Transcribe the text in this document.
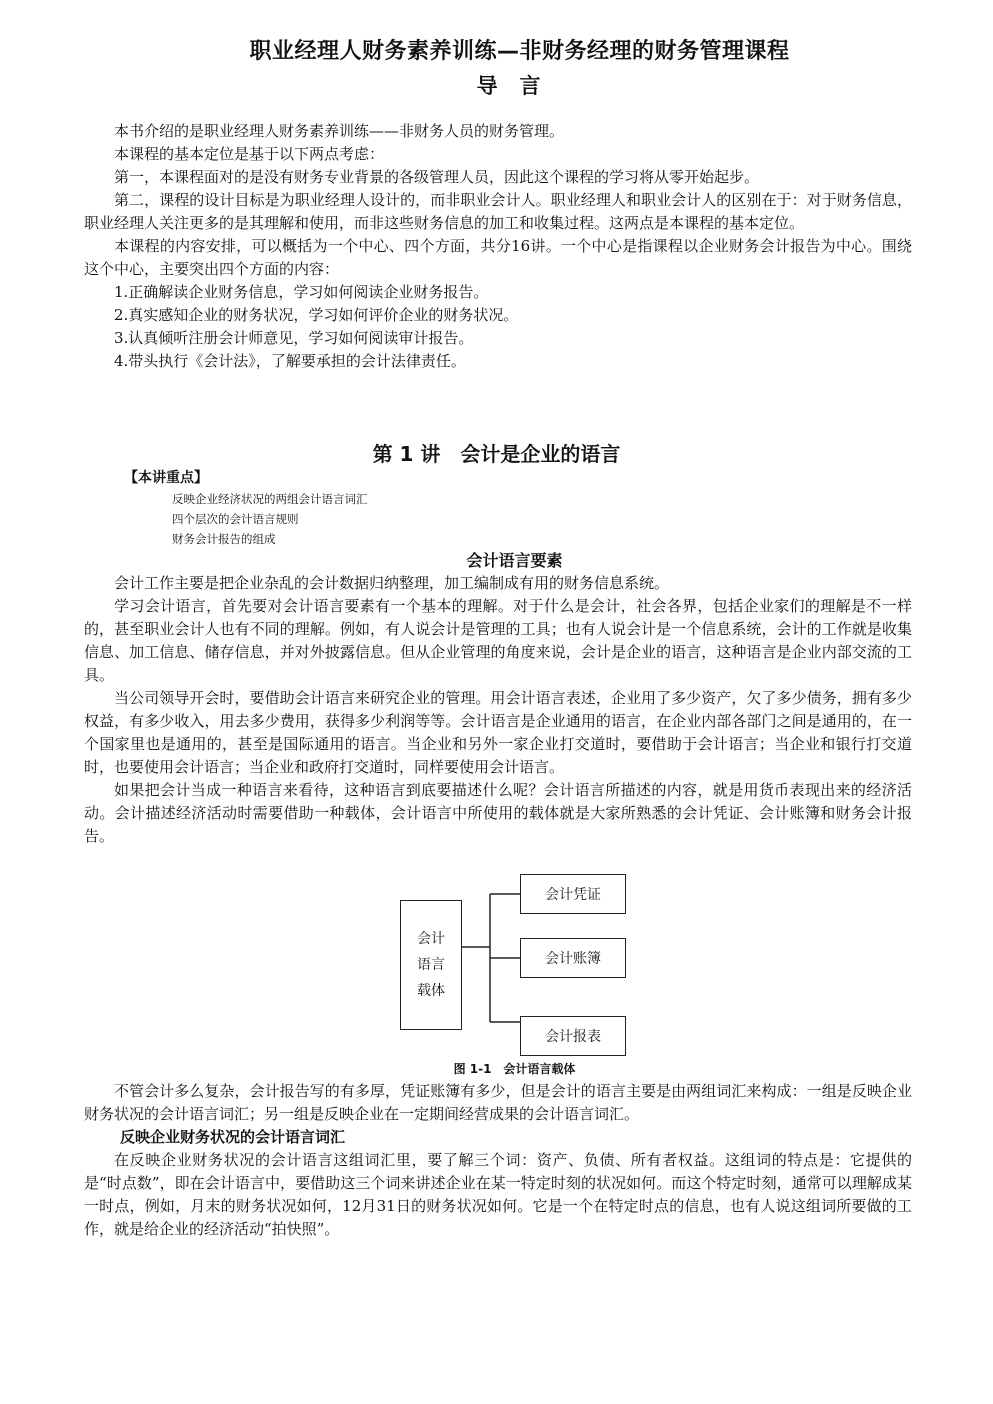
职业经理人财务素养训练—非财务经理的财务管理课程
导言

本书介绍的是职业经理人财务素养训练——非财务人员的财务管理。

本课程的基本定位是基于以下两点考虑：

第一，本课程面对的是没有财务专业背景的各级管理人员，因此这个课程的学习将从零开始起步。

第二，课程的设计目标是为职业经理人设计的，而非职业会计人。职业经理人和职业会计人的区别在于：对于财务信息，职业经理人关注更多的是其理解和使用，而非这些财务信息的加工和收集过程。这两点是本课程的基本定位。

本课程的内容安排，可以概括为一个中心、四个方面，共分16讲。一个中心是指课程以企业财务会计报告为中心。围绕这个中心，主要突出四个方面的内容：

1.正确解读企业财务信息，学习如何阅读企业财务报告。

2.真实感知企业的财务状况，学习如何评价企业的财务状况。

3.认真倾听注册会计师意见，学习如何阅读审计报告。

4.带头执行《会计法》，了解要承担的会计法律责任。

第 1 讲　会计是企业的语言
【本讲重点】
反映企业经济状况的两组会计语言词汇
四个层次的会计语言规则
财务会计报告的组成
会计语言要素

会计工作主要是把企业杂乱的会计数据归纳整理，加工编制成有用的财务信息系统。

学习会计语言，首先要对会计语言要素有一个基本的理解。对于什么是会计，社会各界，包括企业家们的理解是不一样的，甚至职业会计人也有不同的理解。例如，有人说会计是管理的工具；也有人说会计是一个信息系统，会计的工作就是收集信息、加工信息、储存信息，并对外披露信息。但从企业管理的角度来说，会计是企业的语言，这种语言是企业内部交流的工具。

当公司领导开会时，要借助会计语言来研究企业的管理。用会计语言表述，企业用了多少资产，欠了多少债务，拥有多少权益，有多少收入，用去多少费用，获得多少利润等等。会计语言是企业通用的语言，在企业内部各部门之间是通用的，在一个国家里也是通用的，甚至是国际通用的语言。当企业和另外一家企业打交道时，要借助于会计语言；当企业和银行打交道时，也要使用会计语言；当企业和政府打交道时，同样要使用会计语言。

如果把会计当成一种语言来看待，这种语言到底要描述什么呢？会计语言所描述的内容，就是用货币表现出来的经济活动。会计描述经济活动时需要借助一种载体，会计语言中所使用的载体就是大家所熟悉的会计凭证、会计账簿和财务会计报告。

会计
语言
载体
会计凭证
会计账簿
会计报表
图 1-1　会计语言载体

不管会计多么复杂，会计报告写的有多厚，凭证账簿有多少，但是会计的语言主要是由两组词汇来构成：一组是反映企业财务状况的会计语言词汇；另一组是反映企业在一定期间经营成果的会计语言词汇。

反映企业财务状况的会计语言词汇

在反映企业财务状况的会计语言这组词汇里，要了解三个词：资产、负债、所有者权益。这组词的特点是：它提供的是“时点数”，即在会计语言中，要借助这三个词来讲述企业在某一特定时刻的状况如何。而这个特定时刻，通常可以理解成某一时点，例如，月末的财务状况如何，12月31日的财务状况如何。它是一个在特定时点的信息，也有人说这组词所要做的工作，就是给企业的经济活动“拍快照”。
